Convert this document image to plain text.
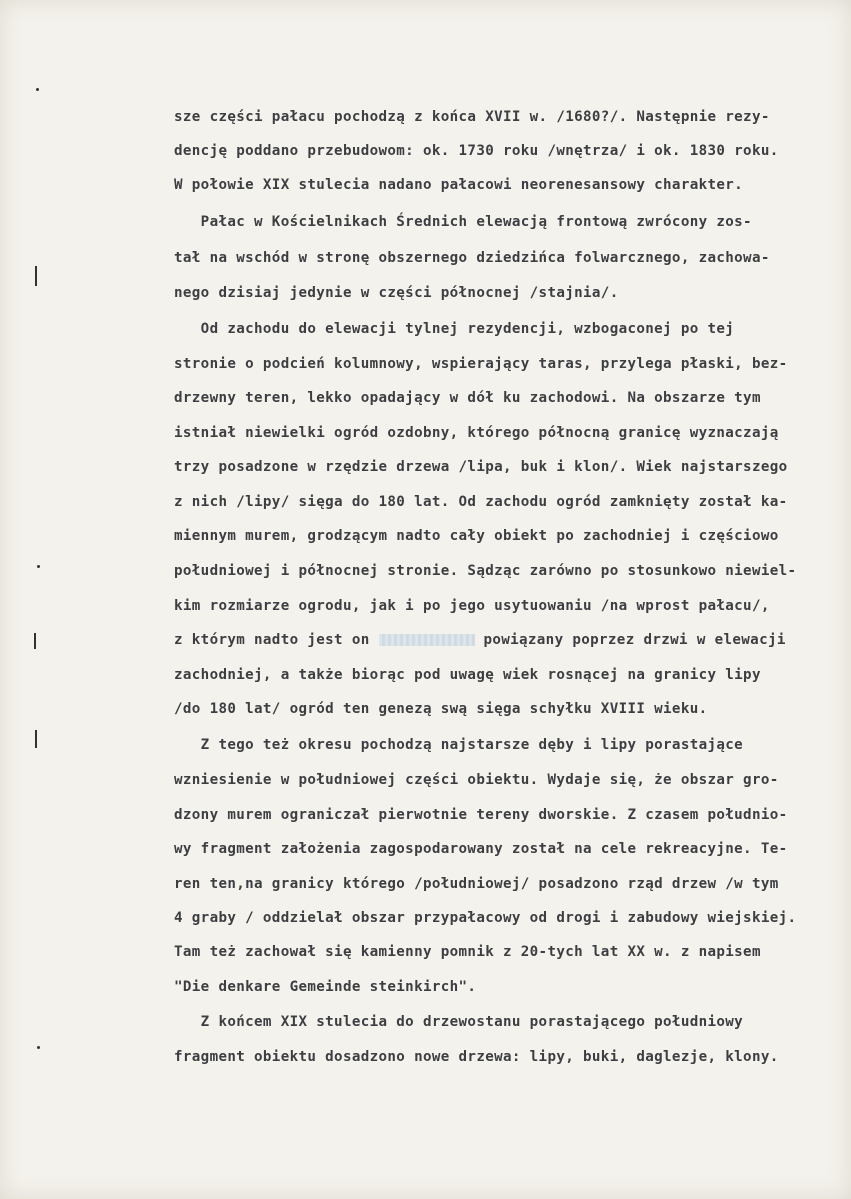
sze części pałacu pochodzą z końca XVII w. /1680?/. Następnie rezy-
dencję poddano przebudowom: ok. 1730 roku /wnętrza/ i ok. 1830 roku.
W połowie XIX stulecia nadano pałacowi neorenesansowy charakter.
Pałac w Kościelnikach Średnich elewacją frontową zwrócony zos-
tał na wschód w stronę obszernego dziedzińca folwarcznego, zachowa-
nego dzisiaj jedynie w części północnej /stajnia/.
Od zachodu do elewacji tylnej rezydencji, wzbogaconej po tej
stronie o podcień kolumnowy, wspierający taras, przylega płaski, bez-
drzewny teren, lekko opadający w dół ku zachodowi. Na obszarze tym
istniał niewielki ogród ozdobny, którego północną granicę wyznaczają
trzy posadzone w rzędzie drzewa /lipa, buk i klon/. Wiek najstarszego
z nich /lipy/ sięga do 180 lat. Od zachodu ogród zamknięty został ka-
miennym murem, grodzącym nadto cały obiekt po zachodniej i częściowo
południowej i północnej stronie. Sądząc zarówno po stosunkowo niewiel-
kim rozmiarze ogrodu, jak i po jego usytuowaniu /na wprost pałacu/,
z którym nadto jest on	powiązany poprzez drzwi w elewacji
zachodniej, a także biorąc pod uwagę wiek rosnącej na granicy lipy
/do 180 lat/ ogród ten genezą swą sięga schyłku XVIII wieku.
Z tego też okresu pochodzą najstarsze dęby i lipy porastające
wzniesienie w południowej części obiektu. Wydaje się, że obszar gro-
dzony murem ograniczał pierwotnie tereny dworskie. Z czasem południo-
wy fragment założenia zagospodarowany został na cele rekreacyjne. Te-
ren ten,na granicy którego /południowej/ posadzono rząd drzew /w tym
4 graby / oddzielał obszar przypałacowy od drogi i zabudowy wiejskiej.
Tam też zachował się kamienny pomnik z 20-tych lat XX w. z napisem
"Die denkare Gemeinde steinkirch".
Z końcem XIX stulecia do drzewostanu porastającego południowy
fragment obiektu dosadzono nowe drzewa: lipy, buki, daglezje, klony.
